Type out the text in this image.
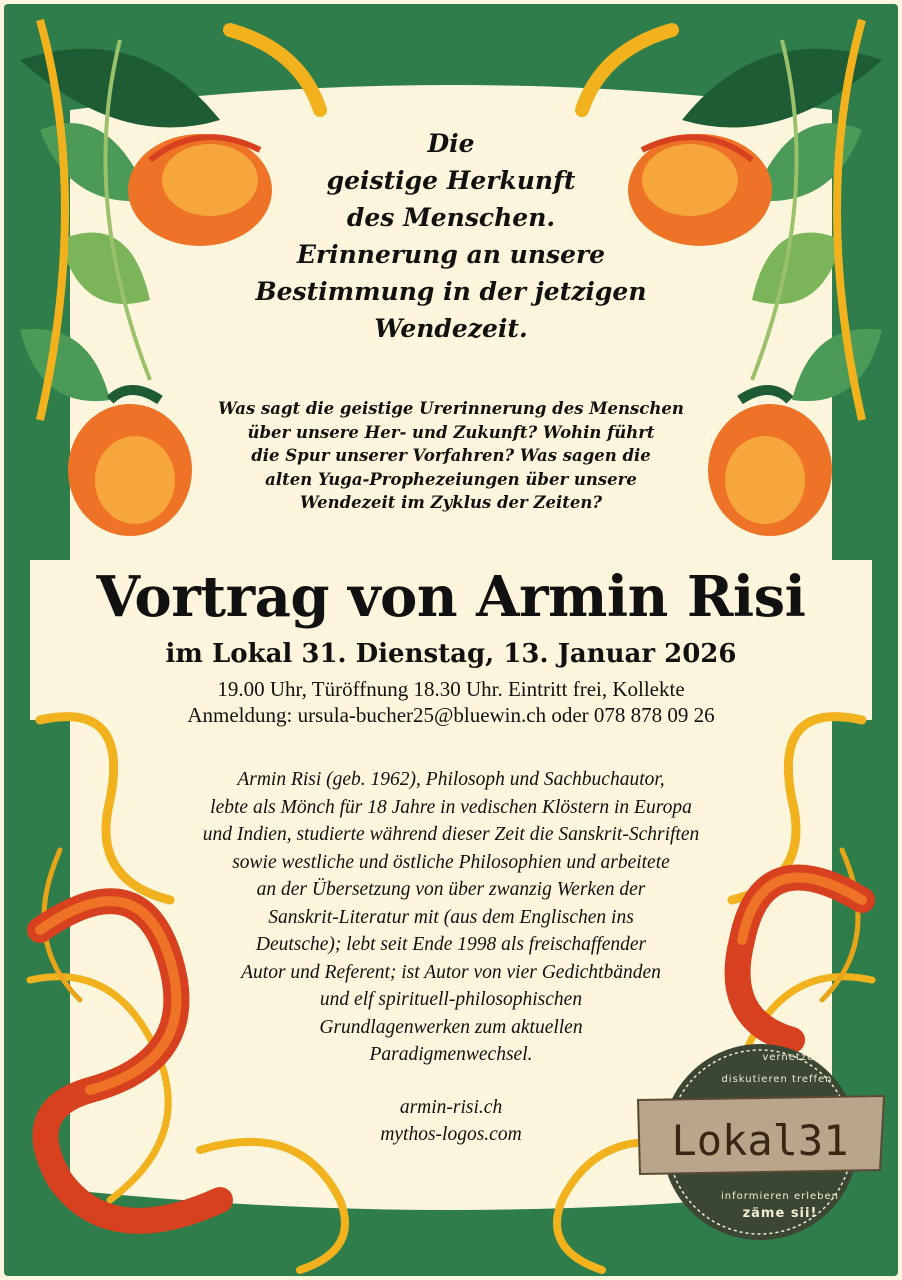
Die
geistige Herkunft
des Menschen.
Erinnerung an unsere
Bestimmung in der jetzigen
Wendezeit.
Was sagt die geistige Urerinnerung des Menschen
über unsere Her- und Zukunft? Wohin führt
die Spur unserer Vorfahren? Was sagen die
alten Yuga-Prophezeiungen über unsere
Wendezeit im Zyklus der Zeiten?
Vortrag von Armin Risi
im Lokal 31. Dienstag, 13. Januar 2026
19.00 Uhr, Türöffnung 18.30 Uhr. Eintritt frei, Kollekte
Anmeldung: ursula-bucher25@bluewin.ch oder 078 878 09 26
Armin Risi (geb. 1962), Philosoph und Sachbuchautor,
lebte als Mönch für 18 Jahre in vedischen Klöstern in Europa
und Indien, studierte während dieser Zeit die Sanskrit-Schriften
sowie westliche und östliche Philosophien und arbeitete
an der Übersetzung von über zwanzig Werken der
Sanskrit-Literatur mit (aus dem Englischen ins
Deutsche); lebt seit Ende 1998 als freischaffender
Autor und Referent; ist Autor von vier Gedichtbänden
und elf spirituell-philosophischen
Grundlagenwerken zum aktuellen
Paradigmenwechsel.
armin-risi.ch
mythos-logos.com
vernetzen
diskutieren treffen
Lokal31
informieren erleben
zäme sii!
